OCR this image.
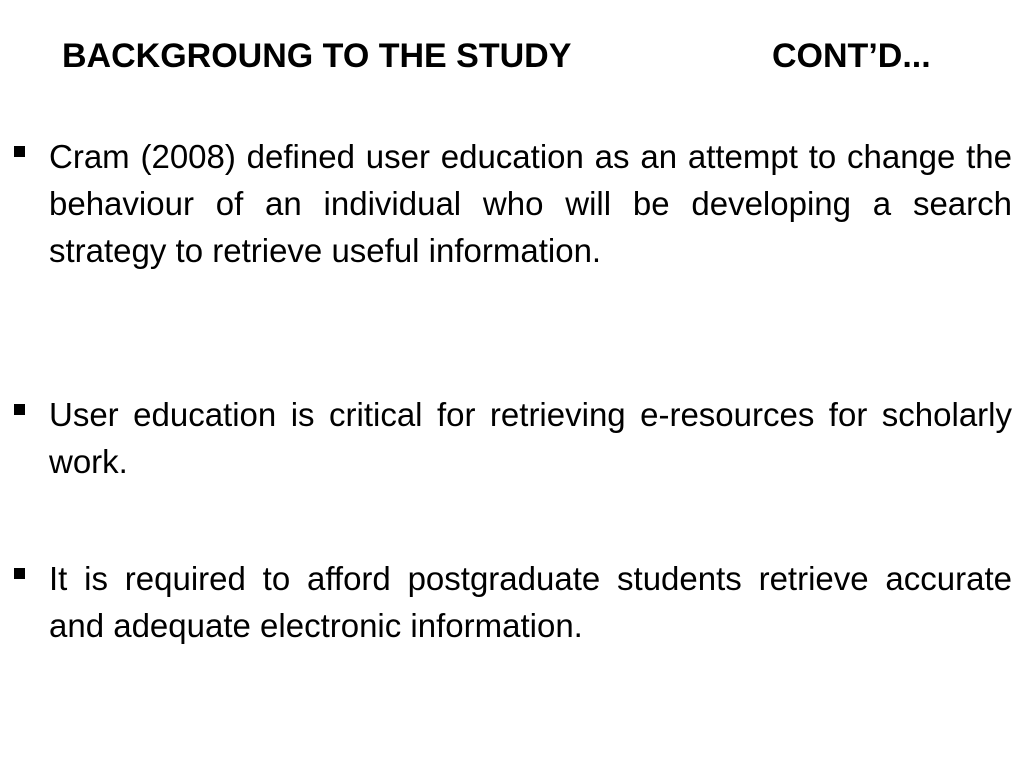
BACKGROUNG TO THE STUDY	CONT’D...
Cram (2008) defined user education as an attempt to change the behaviour of an individual who will be developing a search strategy to retrieve useful information.
User education is critical for retrieving e-resources for scholarly work.
It is required to afford postgraduate students retrieve accurate and adequate electronic information.
